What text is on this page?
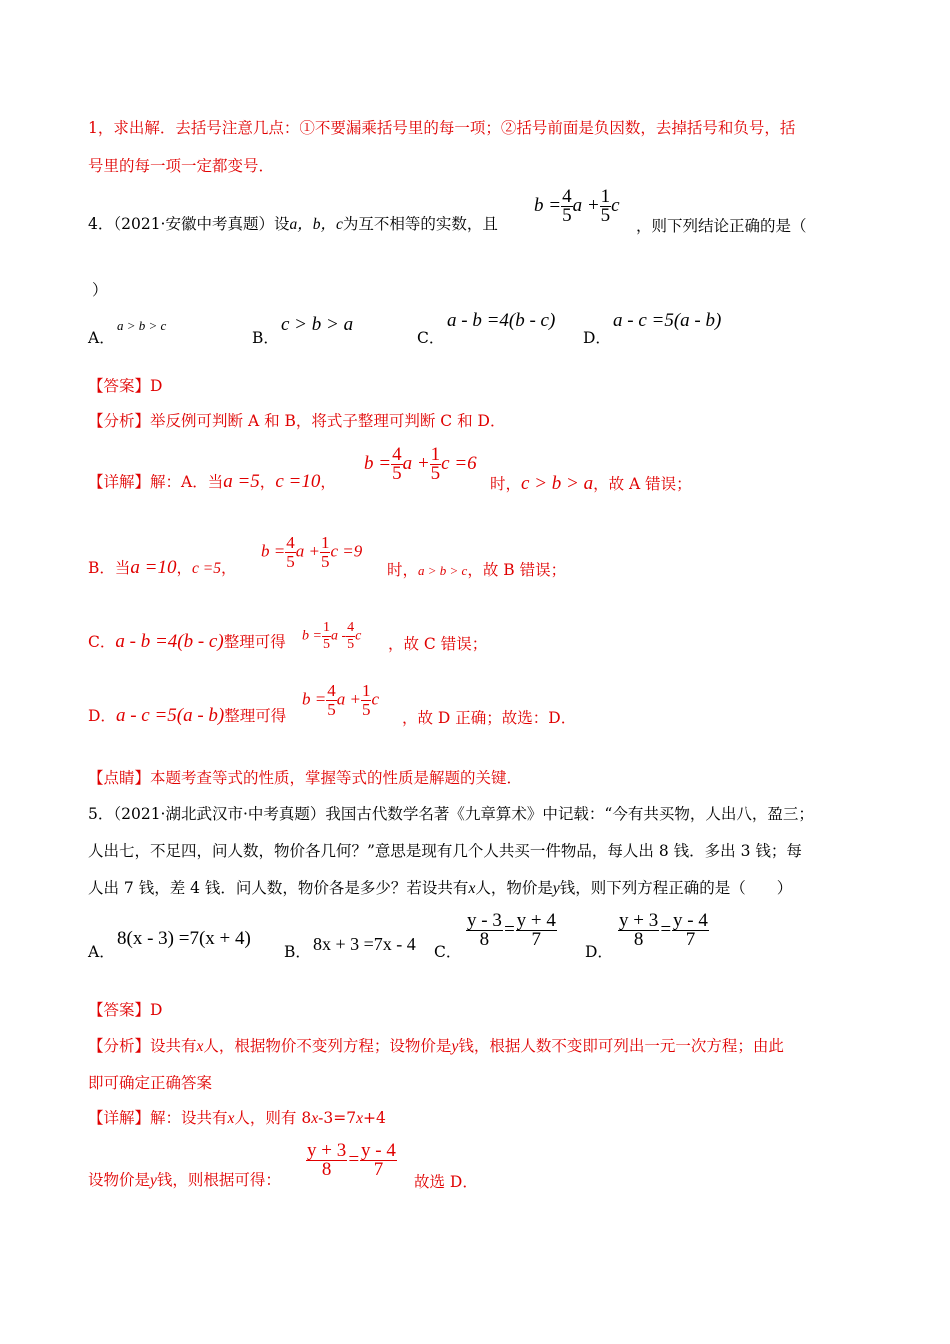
1，求出解．去括号注意几点：①不要漏乘括号里的每一项；②括号前面是负因数，去掉括号和负号，括
号里的每一项一定都变号．
4．（2021·安徽中考真题）设a，b，c为互不相等的实数，且
$b = \frac{4}{5}$ $a + \frac{1}{5}$ c
，则下列结论正确的是（
）
A．
a > b > c
B．
c > b > a
C．
a - b =4(b - c)
D．
a - c =5(a - b)
【答案】D
【分析】举反例可判断 A 和 B，将式子整理可判断 C 和 D．
【详解】解：A．当a =5，c =10，
$b = \frac{4}{5}$ $a + \frac{1}{5}$ c =6
时，c > b > a，故 A 错误；
B．当a =10，c =5，
$b = \frac{4}{5}$ $a + \frac{1}{5}$ c =9
时，a > b > c，故 B 错误；
C．a - b =4(b - c)整理可得 $b = \frac{1}{5}$ a - $\frac{4}{5}$ c ，故 C 错误；
D．a - c =5(a - b)整理可得
$b = \frac{4}{5}$ $a + \frac{1}{5}$ c
，故 D 正确；故选：D．
【点睛】本题考查等式的性质，掌握等式的性质是解题的关键．
5．（2021·湖北武汉市·中考真题）我国古代数学名著《九章算术》中记载：“今有共买物，人出八，盈三；
人出七，不足四，问人数，物价各几何？”意思是现有几个人共买一件物品，每人出 8 钱．多出 3 钱；每
人出 7 钱，差 4 钱．问人数，物价各是多少？若设共有x人，物价是y钱，则下列方程正确的是（　　）
A．
8(x - 3) =7(x + 4)
B． 8x + 3 =7x - 4 C．
$\frac{y - 3}{8} = \frac{y + 4}{7}$
D．
$\frac{y + 3}{8} = \frac{y - 4}{7}$
【答案】D
【分析】设共有x人，根据物价不变列方程；设物价是y钱，根据人数不变即可列出一元一次方程；由此
即可确定正确答案
【详解】解：设共有x人，则有 8x-3=7x+4
设物价是y钱，则根据可得：
$\frac{y + 3}{8} = \frac{y - 4}{7}$
故选 D．
